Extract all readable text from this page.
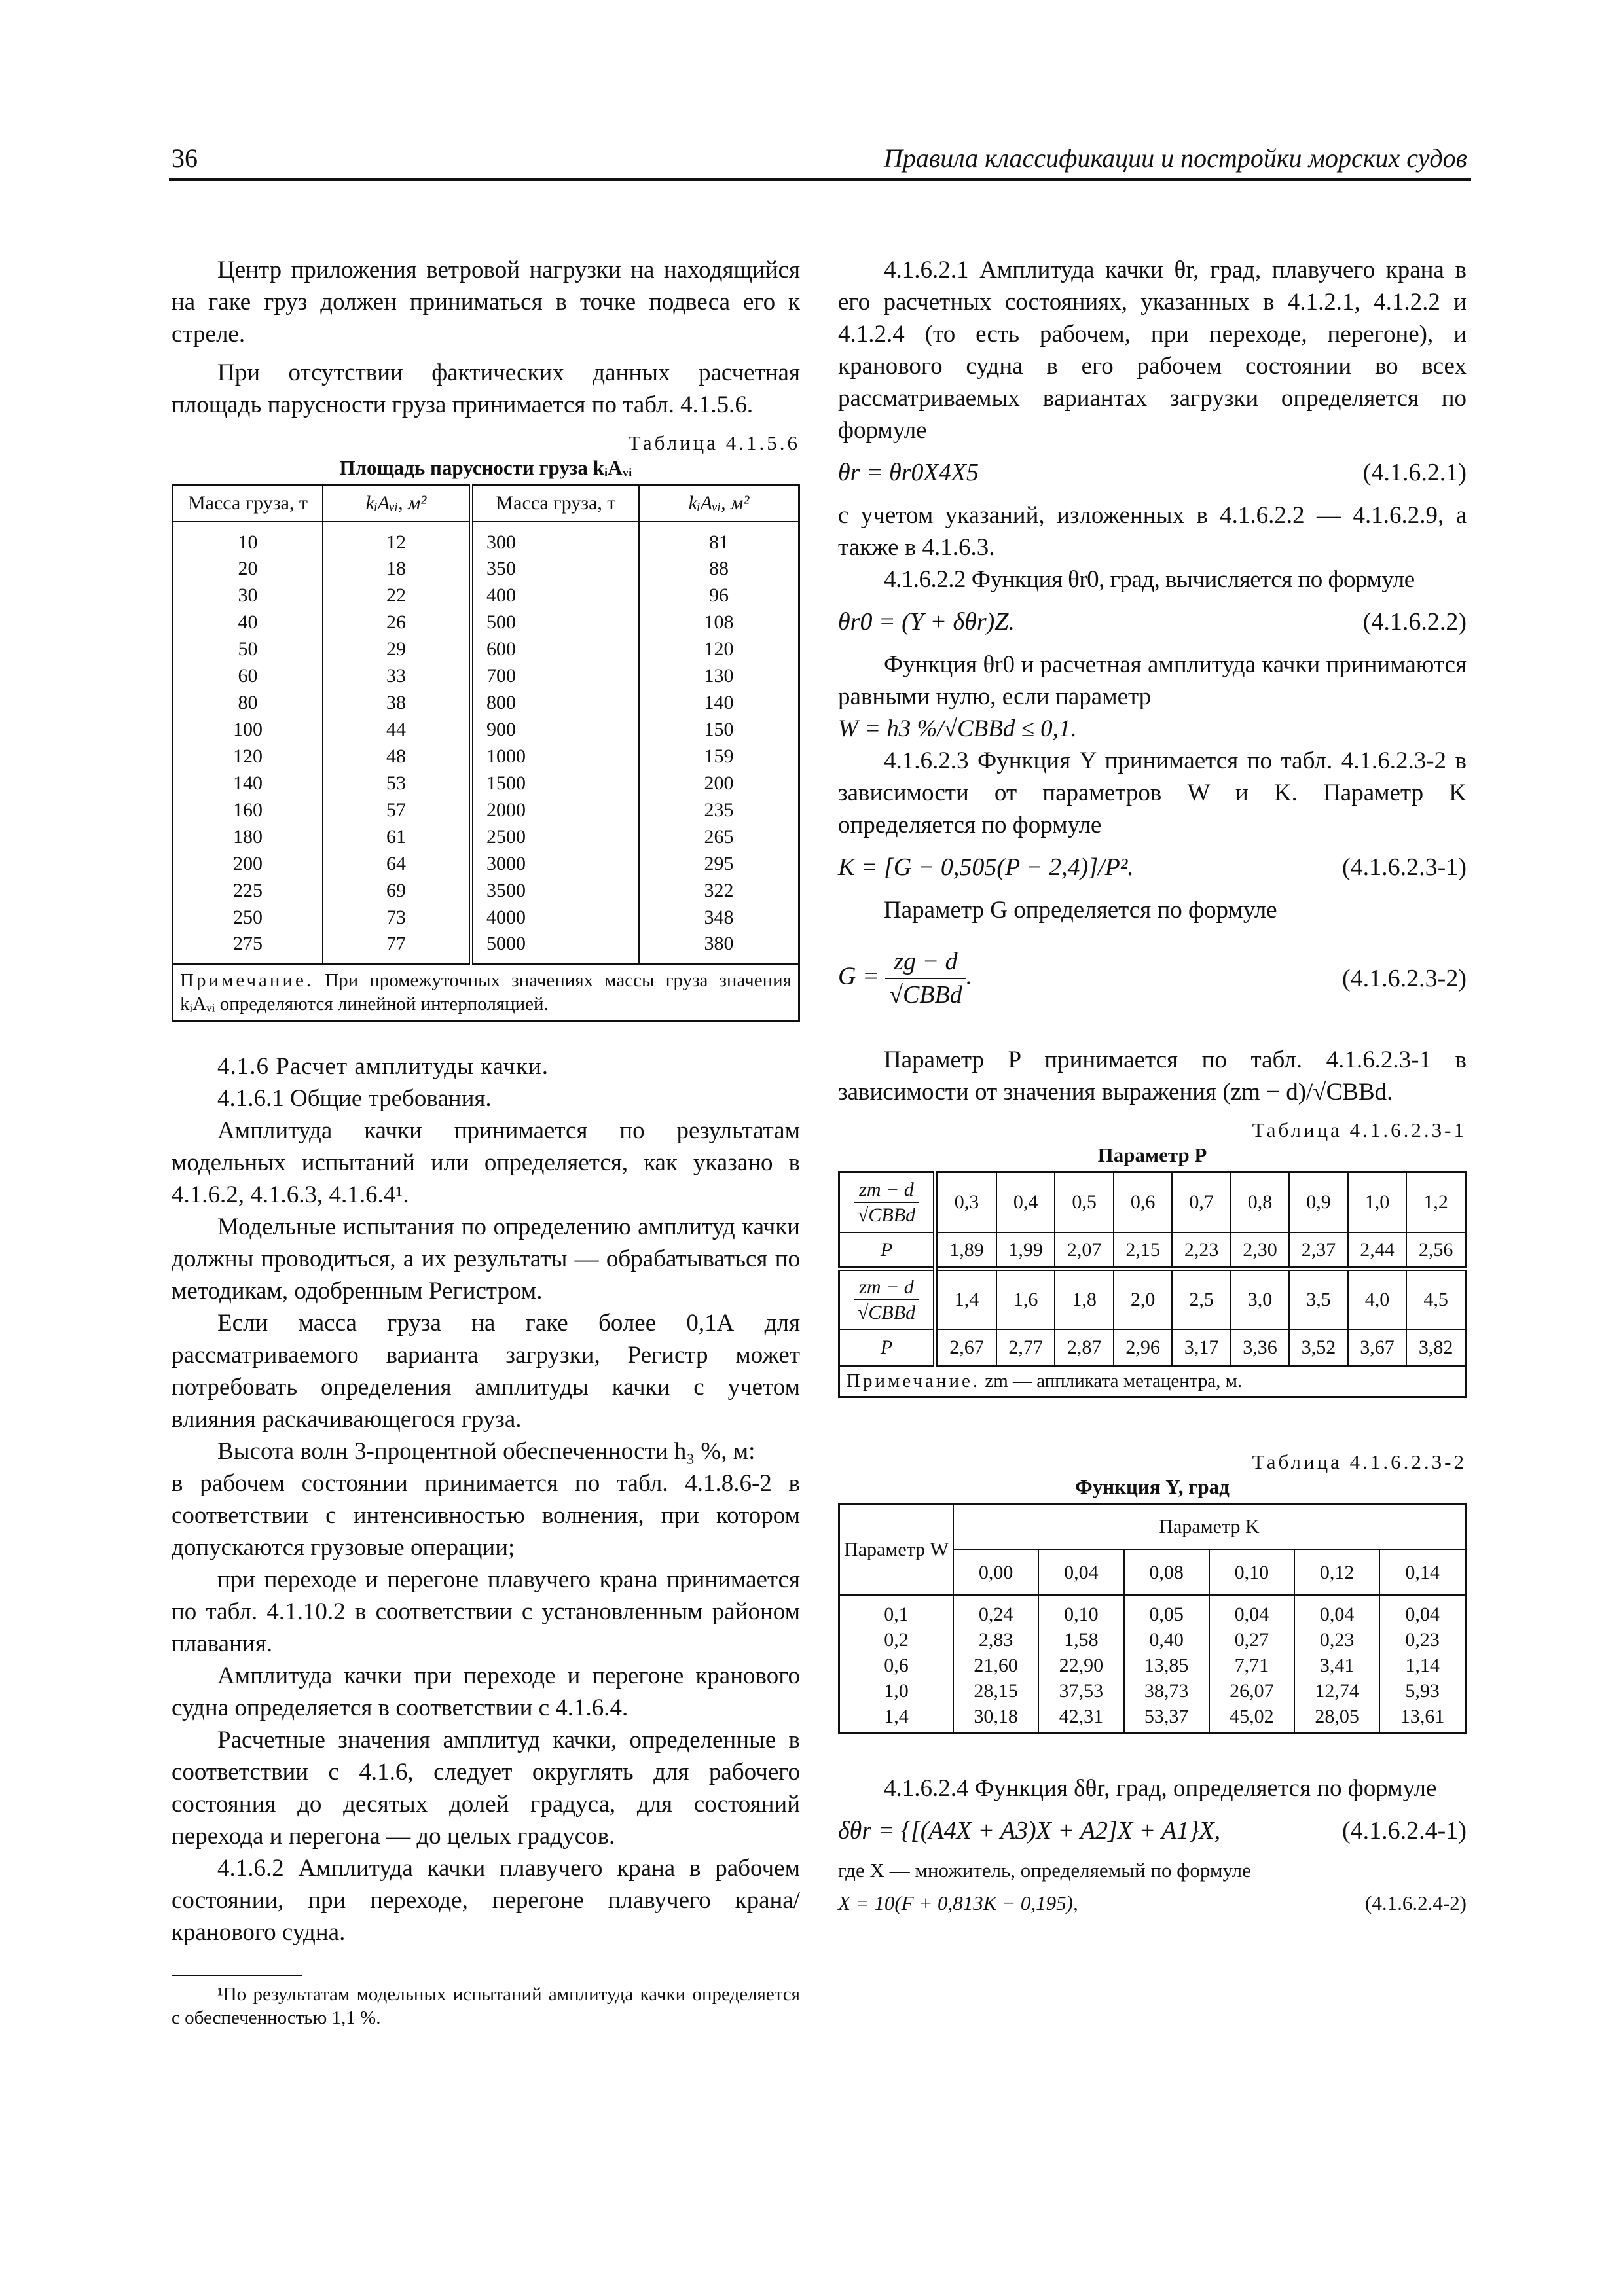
36	Правила классификации и постройки морских судов

Центр приложения ветровой нагрузки на находящийся на гаке груз должен приниматься в точке подвеса его к стреле.

При отсутствии фактических данных расчетная площадь парусности груза принимается по табл. 4.1.5.6.

Таблица 4.1.5.6
Площадь парусности груза kᵢAᵥᵢ
Масса груза, т	kᵢAᵥᵢ, м²	Масса груза, т	kᵢAᵥᵢ, м²
10	12	300	81
20	18	350	88
30	22	400	96
40	26	500	108
50	29	600	120
60	33	700	130
80	38	800	140
100	44	900	150
120	48	1000	159
140	53	1500	200
160	57	2000	235
180	61	2500	265
200	64	3000	295
225	69	3500	322
250	73	4000	348
275	77	5000	380
Примечание. При промежуточных значениях массы груза значения kᵢAᵥᵢ определяются линейной интерполяцией.			

4.1.6 Расчет амплитуды качки.

4.1.6.1 Общие требования.

Амплитуда качки принимается по результатам модельных испытаний или определяется, как указано в 4.1.6.2, 4.1.6.3, 4.1.6.4¹.

Модельные испытания по определению амплитуд качки должны проводиться, а их результаты — обрабатываться по методикам, одобренным Регистром.

Если масса груза на гаке более 0,1А для рассматриваемого варианта загрузки, Регистр может потребовать определения амплитуды качки с учетом влияния раскачивающегося груза.

Высота волн 3-процентной обеспеченности h₃ %, м:

в рабочем состоянии принимается по табл. 4.1.8.6-2 в соответствии с интенсивностью волнения, при котором допускаются грузовые операции;

при переходе и перегоне плавучего крана принимается по табл. 4.1.10.2 в соответствии с установленным районом плавания.

Амплитуда качки при переходе и перегоне кранового судна определяется в соответствии с 4.1.6.4.

Расчетные значения амплитуд качки, определенные в соответствии с 4.1.6, следует округлять для рабочего состояния до десятых долей градуса, для состояний перехода и перегона — до целых градусов.

4.1.6.2 Амплитуда качки плавучего крана в рабочем состоянии, при переходе, перегоне плавучего крана/ кранового судна.

¹По результатам модельных испытаний амплитуда качки определяется с обеспеченностью 1,1 %.

4.1.6.2.1 Амплитуда качки θr, град, плавучего крана в его расчетных состояниях, указанных в 4.1.2.1, 4.1.2.2 и 4.1.2.4 (то есть рабочем, при переходе, перегоне), и кранового судна в его рабочем состоянии во всех рассматриваемых вариантах загрузки определяется по формуле

θr = θr0X4X5	(4.1.6.2.1)

с учетом указаний, изложенных в 4.1.6.2.2 — 4.1.6.2.9, а также в 4.1.6.3.

4.1.6.2.2 Функция θr0, град, вычисляется по формуле

θr0 = (Y + δθr)Z.	(4.1.6.2.2)

Функция θr0 и расчетная амплитуда качки принимаются равными нулю, если параметр

W = h3 %/√CBBd ≤ 0,1.

4.1.6.2.3 Функция Y принимается по табл. 4.1.6.2.3-2 в зависимости от параметров W и K. Параметр K определяется по формуле

K = [G − 0,505(P − 2,4)]/P².	(4.1.6.2.3-1)

Параметр G определяется по формуле

$G = \frac{zg - d}{\text{√CBBd}}$ .	(4.1.6.2.3-2)

Параметр P принимается по табл. 4.1.6.2.3-1 в зависимости от значения выражения (zm − d)/√CBBd.

Таблица 4.1.6.2.3-1
Параметр P
$\frac{zm - d}{\text{√CBBd}}$	0,3	0,4	0,5	0,6	0,7	0,8	0,9	1,0	1,2
P	1,89	1,99	2,07	2,15	2,23	2,30	2,37	2,44	2,56

$\frac{zm - d}{\text{√CBBd}}$	1,4	1,6	1,8	2,0	2,5	3,0	3,5	4,0	4,5
P	2,67	2,77	2,87	2,96	3,17	3,36	3,52	3,67	3,82
Примечание. zm — аппликата метацентра, м.									
Таблица 4.1.6.2.3-2
Функция Y, град
Параметр W	Параметр K					
	0,00	0,04	0,08	0,10	0,12	0,14
0,1	0,24	0,10	0,05	0,04	0,04	0,04
0,2	2,83	1,58	0,40	0,27	0,23	0,23
0,6	21,60	22,90	13,85	7,71	3,41	1,14
1,0	28,15	37,53	38,73	26,07	12,74	5,93
1,4	30,18	42,31	53,37	45,02	28,05	13,61

4.1.6.2.4 Функция δθr, град, определяется по формуле

δθr = {[(A4X + A3)X + A2]X + A1}X,	(4.1.6.2.4-1)

где X — множитель, определяемый по формуле

X = 10(F + 0,813K − 0,195),	(4.1.6.2.4-2)
